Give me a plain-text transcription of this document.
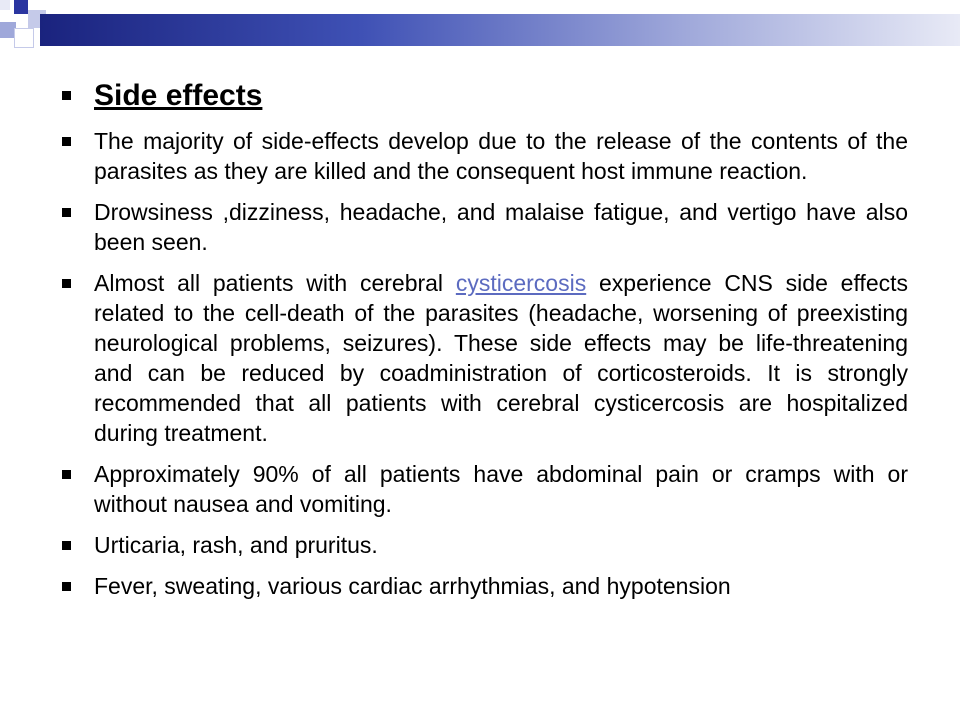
Side effects
The majority of side-effects develop due to the release of the contents of the parasites as they are killed and the consequent host immune reaction.
Drowsiness ,dizziness, headache, and malaise fatigue, and vertigo have also been seen.
Almost all patients with cerebral cysticercosis experience CNS side effects related to the cell-death of the parasites (headache, worsening of preexisting neurological problems, seizures). These side effects may be life-threatening and can be reduced by coadministration of corticosteroids. It is strongly recommended that all patients with cerebral cysticercosis are hospitalized during treatment.
Approximately 90% of all patients have abdominal pain or cramps with or without nausea and vomiting.
Urticaria, rash, and pruritus.
Fever, sweating, various cardiac arrhythmias, and hypotension
